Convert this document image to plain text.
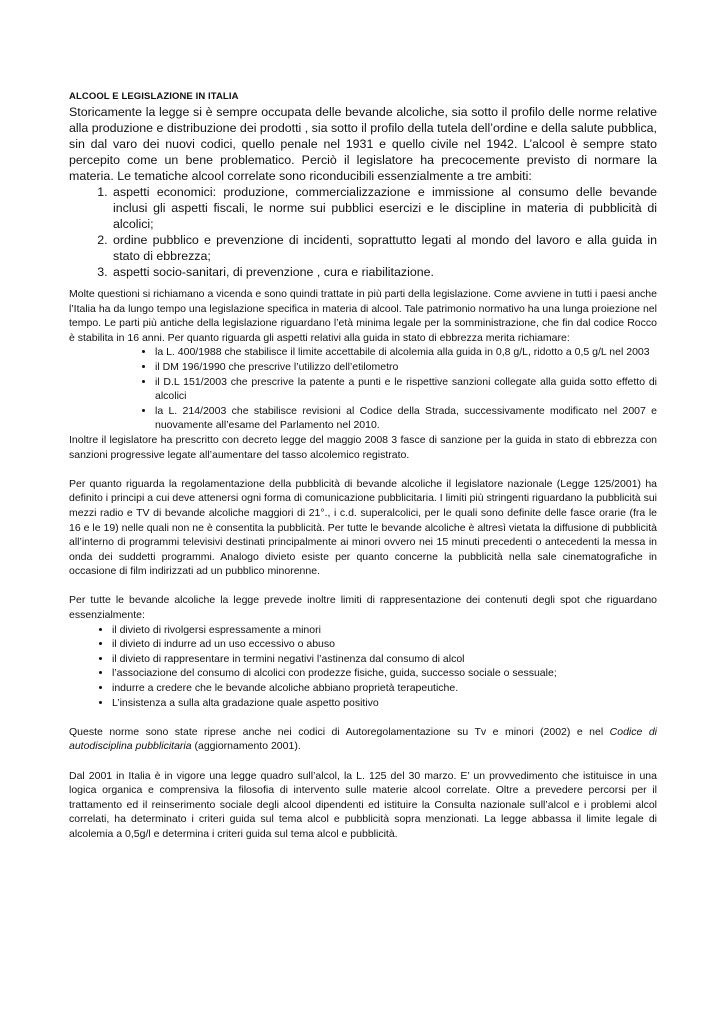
ALCOOL E LEGISLAZIONE IN ITALIA

Storicamente la legge si è sempre occupata delle bevande alcoliche, sia sotto il profilo delle norme relative alla produzione e distribuzione dei prodotti , sia sotto il profilo della tutela dell’ordine e della salute pubblica, sin dal varo dei nuovi codici, quello penale nel 1931 e quello civile nel 1942. L’alcool è sempre stato percepito come un bene problematico. Perciò il legislatore ha precocemente previsto di normare la materia. Le tematiche alcool correlate sono riconducibili essenzialmente a tre ambiti:

1. aspetti economici: produzione, commercializzazione e immissione al consumo delle bevande inclusi gli aspetti fiscali, le norme sui pubblici esercizi e le discipline in materia di pubblicità di alcolici;
2. ordine pubblico e prevenzione di incidenti, soprattutto legati al mondo del lavoro e alla guida in stato di ebbrezza;
3. aspetti socio-sanitari, di prevenzione , cura e riabilitazione.

Molte questioni si richiamano a vicenda e sono quindi trattate in più parti della legislazione. Come avviene in tutti i paesi anche l’Italia ha da lungo tempo una legislazione specifica in materia di alcool. Tale patrimonio normativo ha una lunga proiezione nel tempo. Le parti più antiche della legislazione riguardano l’età minima legale per la somministrazione, che fin dal codice Rocco è stabilita in 16 anni. Per quanto riguarda gli aspetti relativi alla guida in stato di ebbrezza merita richiamare:

• la L. 400/1988 che stabilisce il limite accettabile di alcolemia alla guida in 0,8 g/L, ridotto a 0,5 g/L nel 2003
• il DM 196/1990 che prescrive l’utilizzo dell’etilometro
• il D.L 151/2003 che prescrive la patente a punti e le rispettive sanzioni collegate alla guida sotto effetto di alcolici
• la L. 214/2003 che stabilisce revisioni al Codice della Strada, successivamente modificato nel 2007 e nuovamente all’esame del Parlamento nel 2010.

Inoltre il legislatore ha prescritto con decreto legge del maggio 2008 3 fasce di sanzione per la guida in stato di ebbrezza con sanzioni progressive legate all’aumentare del tasso alcolemico registrato.

Per quanto riguarda la regolamentazione della pubblicità di bevande alcoliche il legislatore nazionale (Legge 125/2001) ha definito i principi a cui deve attenersi ogni forma di comunicazione pubblicitaria. I limiti più stringenti riguardano la pubblicità sui mezzi radio e TV di bevande alcoliche maggiori di 21°., i c.d. superalcolici, per le quali sono definite delle fasce orarie (fra le 16 e le 19) nelle quali non ne è consentita la pubblicità. Per tutte le bevande alcoliche è altresì vietata la diffusione di pubblicità all’interno di programmi televisivi destinati principalmente ai minori ovvero nei 15 minuti precedenti o antecedenti la messa in onda dei suddetti programmi. Analogo divieto esiste per quanto concerne la pubblicità nella sale cinematografiche in occasione di film indirizzati ad un pubblico minorenne.

Per tutte le bevande alcoliche la legge prevede inoltre limiti di rappresentazione dei contenuti degli spot che riguardano essenzialmente:

• il divieto di rivolgersi espressamente a minori
• il divieto di indurre ad un uso eccessivo o abuso
• il divieto di rappresentare in termini negativi l’astinenza dal consumo di alcol
• l’associazione del consumo di alcolici con prodezze fisiche, guida, successo sociale o sessuale;
• indurre a credere che le bevande alcoliche abbiano proprietà terapeutiche.
• L’insistenza a sulla alta gradazione quale aspetto positivo

Queste norme sono state riprese anche nei codici di Autoregolamentazione su Tv e minori (2002) e nel Codice di autodisciplina pubblicitaria (aggiornamento 2001).

Dal 2001 in Italia è in vigore una legge quadro sull’alcol, la L. 125 del 30 marzo. E’ un provvedimento che istituisce in una logica organica e comprensiva la filosofia di intervento sulle materie alcool correlate. Oltre a prevedere percorsi per il trattamento ed il reinserimento sociale degli alcool dipendenti ed istituire la Consulta nazionale sull’alcol e i problemi alcol correlati, ha determinato i criteri guida sul tema alcol e pubblicità sopra menzionati. La legge abbassa il limite legale di alcolemia a 0,5g/l e determina i criteri guida sul tema alcol e pubblicità.
